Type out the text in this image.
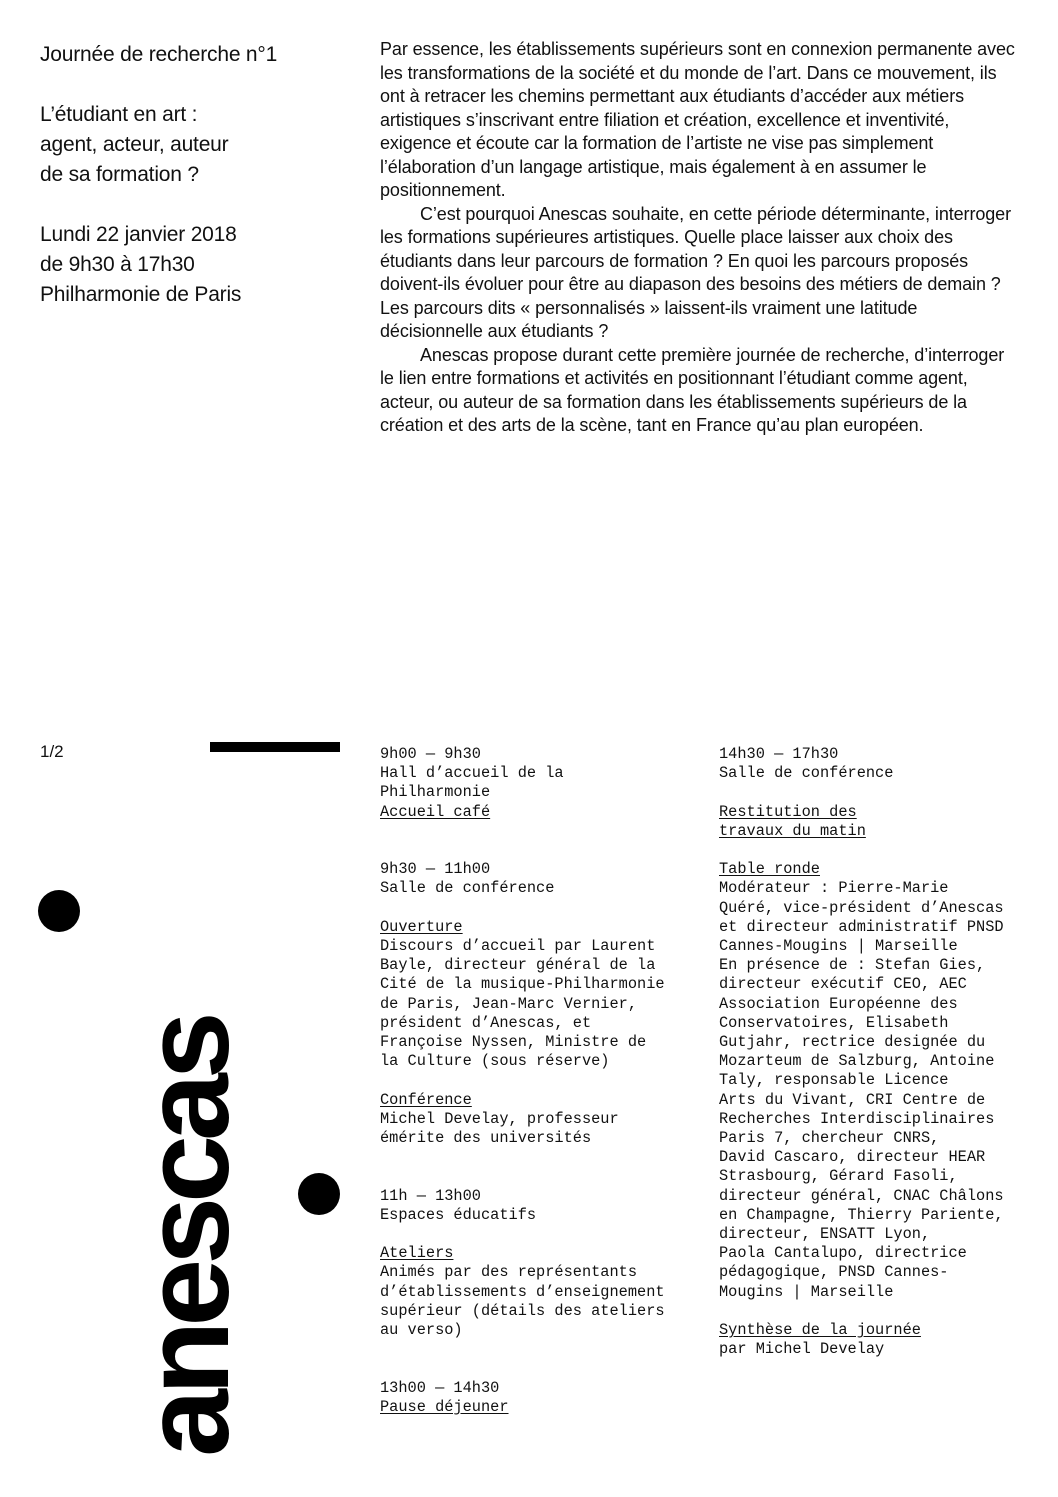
Journée de recherche n°1
L’étudiant en art :
agent, acteur, auteur
de sa formation ?
Lundi 22 janvier 2018
de 9h30 à 17h30
Philharmonie de Paris

Par essence, les établissements supérieurs sont en connexion permanente avec les transformations de la société et du monde de l’art. Dans ce mouvement, ils ont à retracer les chemins permettant aux étudiants d’accéder aux métiers artistiques s’inscrivant entre filiation et création, excellence et inventivité, exigence et écoute car la formation de l’artiste ne vise pas simplement l’élaboration d’un langage artistique, mais également à en assumer le positionnement.

C’est pourquoi Anescas souhaite, en cette période déterminante, interroger les formations supérieures artistiques. Quelle place laisser aux choix des étudiants dans leur parcours de formation ? En quoi les parcours proposés doivent-ils évoluer pour être au diapason des besoins des métiers de demain ? Les parcours dits « personnalisés » laissent-ils vraiment une latitude décisionnelle aux étudiants ?

Anescas propose durant cette première journée de recherche, d’interroger le lien entre formations et activités en positionnant l’étudiant comme agent, acteur, ou auteur de sa formation dans les établissements supérieurs de la création et des arts de la scène, tant en France qu’au plan européen.

1/2
anescas
9h00 — 9h30
Hall d’accueil de la
Philharmonie
Accueil café
9h30 — 11h00
Salle de conférence
Ouverture
Discours d’accueil par Laurent
Bayle, directeur général de la
Cité de la musique-Philharmonie
de Paris, Jean-Marc Vernier,
président d’Anescas, et
Françoise Nyssen, Ministre de
la Culture (sous réserve)
Conférence
Michel Develay, professeur
émérite des universités
11h — 13h00
Espaces éducatifs
Ateliers
Animés par des représentants
d’établissements d’enseignement
supérieur (détails des ateliers
au verso)
13h00 — 14h30
Pause déjeuner
14h30 — 17h30
Salle de conférence
Restitution des
travaux du matin
Table ronde
Modérateur : Pierre-Marie
Quéré, vice-président d’Anescas
et directeur administratif PNSD
Cannes-Mougins | Marseille
En présence de : Stefan Gies,
directeur exécutif CEO, AEC
Association Européenne des
Conservatoires, Elisabeth
Gutjahr, rectrice designée du
Mozarteum de Salzburg, Antoine
Taly, responsable Licence
Arts du Vivant, CRI Centre de
Recherches Interdisciplinaires
Paris 7, chercheur CNRS,
David Cascaro, directeur HEAR
Strasbourg, Gérard Fasoli,
directeur général, CNAC Châlons
en Champagne, Thierry Pariente,
directeur, ENSATT Lyon,
Paola Cantalupo, directrice
pédagogique, PNSD Cannes-
Mougins | Marseille
Synthèse de la journée
par Michel Develay
